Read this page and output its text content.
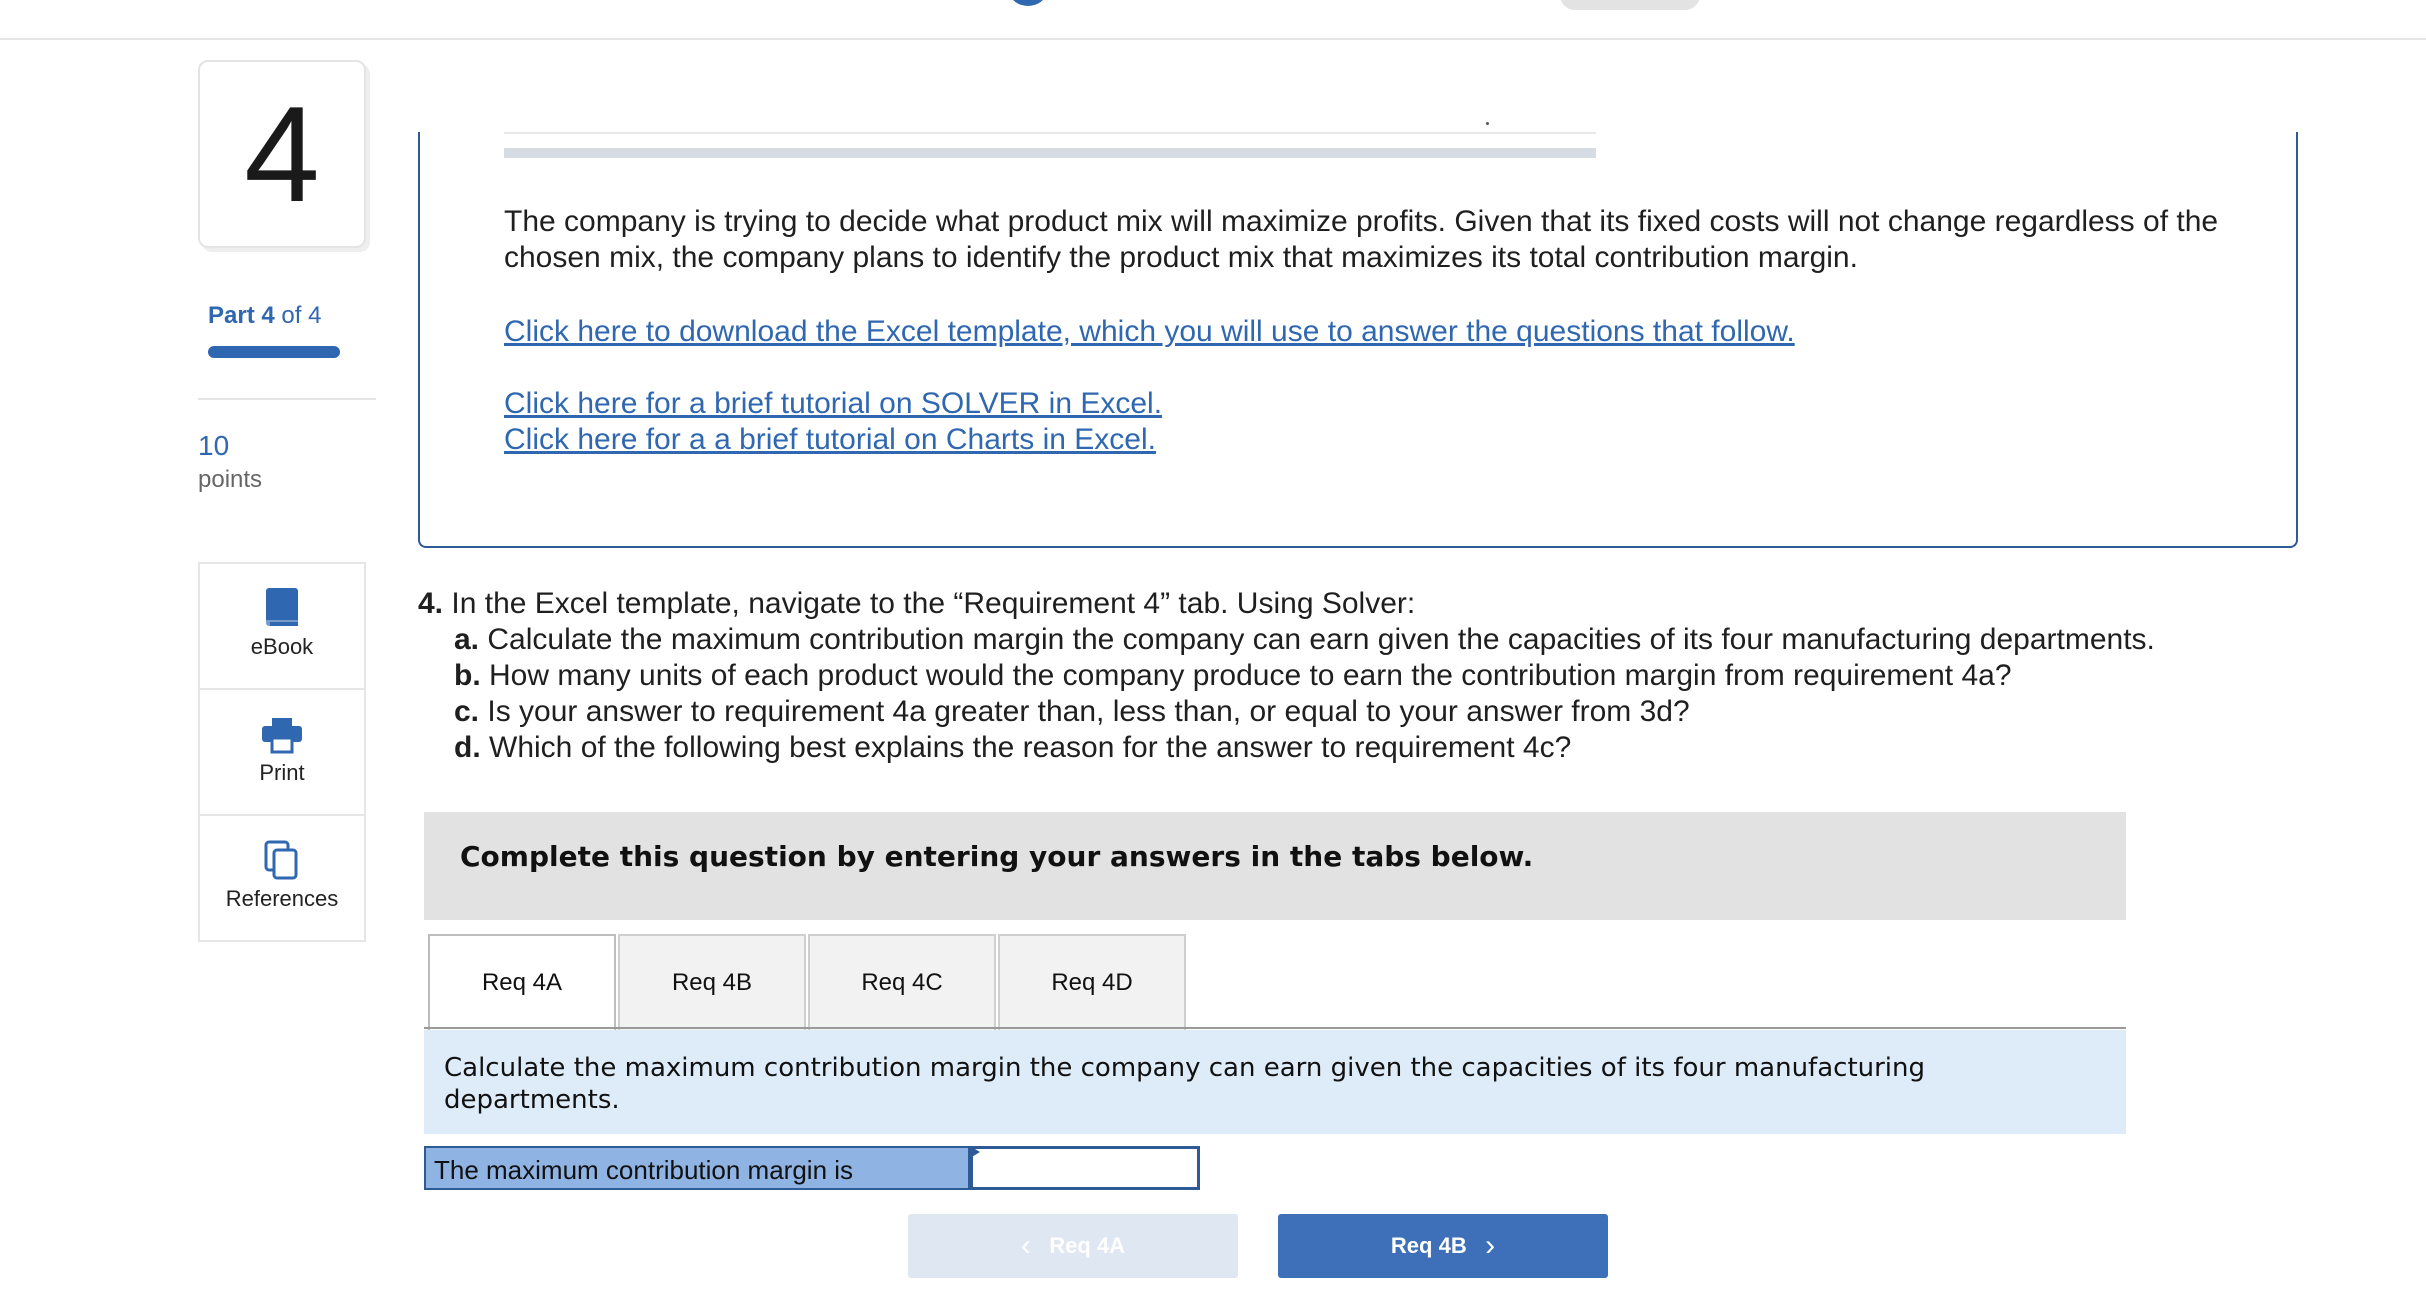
4
Part 4 of 4
10
points
eBook
Print
References
The company is trying to decide what product mix will maximize profits. Given that its fixed costs will not change regardless of the chosen mix, the company plans to identify the product mix that maximizes its total contribution margin.
Click here to download the Excel template, which you will use to answer the questions that follow.
Click here for a brief tutorial on SOLVER in Excel.
Click here for a a brief tutorial on Charts in Excel.
4. In the Excel template, navigate to the “Requirement 4” tab. Using Solver:
a. Calculate the maximum contribution margin the company can earn given the capacities of its four manufacturing departments.
b. How many units of each product would the company produce to earn the contribution margin from requirement 4a?
c. Is your answer to requirement 4a greater than, less than, or equal to your answer from 3d?
d. Which of the following best explains the reason for the answer to requirement 4c?
Complete this question by entering your answers in the tabs below.
Req 4A	Req 4B	Req 4C	Req 4D
Calculate the maximum contribution margin the company can earn given the capacities of its four manufacturing departments.
The maximum contribution margin is
‹ Req 4A	Req 4B ›
